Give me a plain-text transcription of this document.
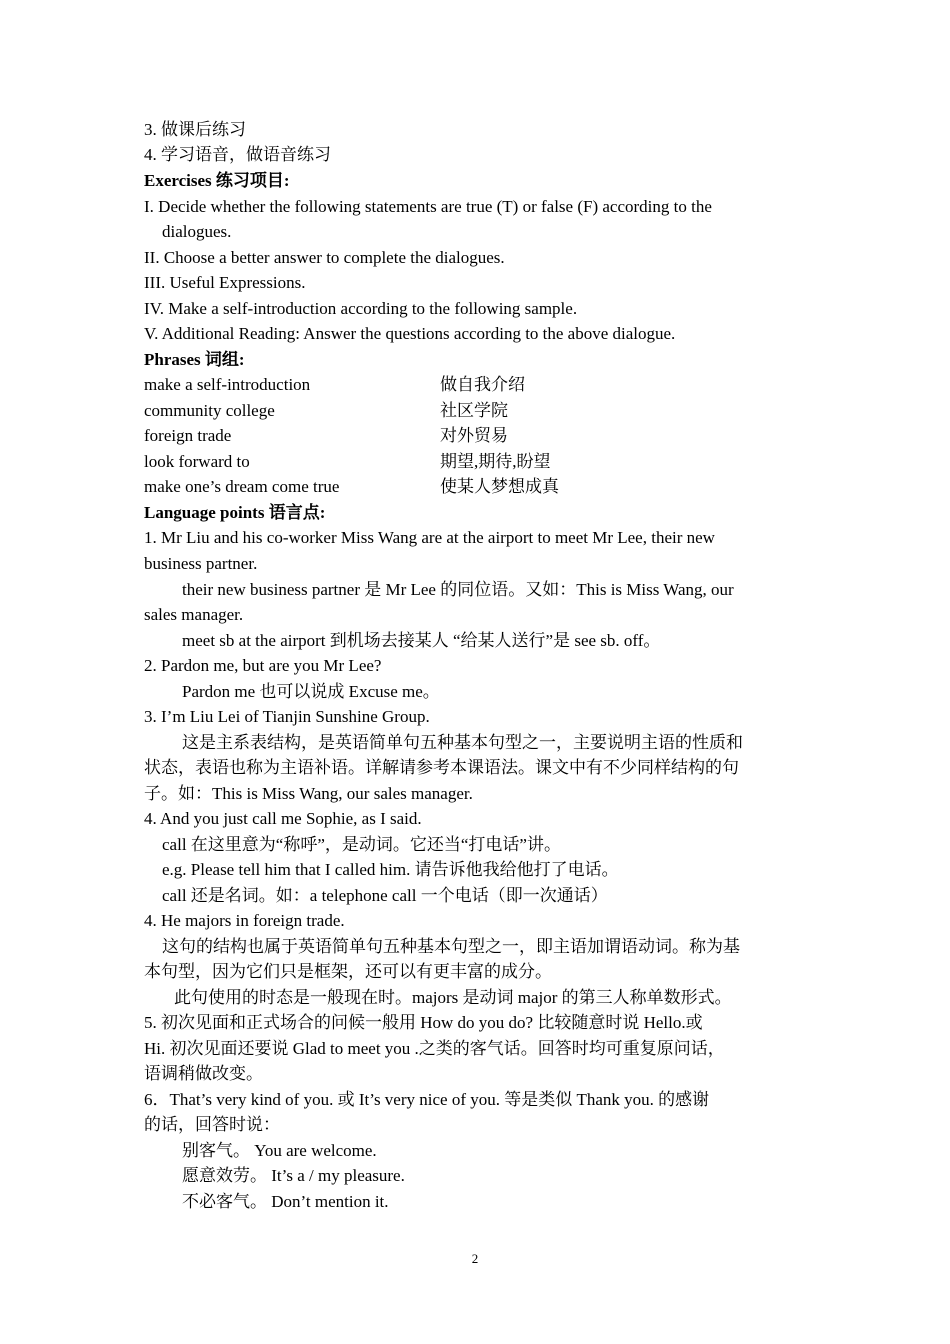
3. 做课后练习
4. 学习语音，做语音练习
Exercises 练习项目:
I. Decide whether the following statements are true (T) or false (F) according to the
dialogues.
II. Choose a better answer to complete the dialogues.
III. Useful Expressions.
IV. Make a self-introduction according to the following sample.
V. Additional Reading: Answer the questions according to the above dialogue.
Phrases 词组:
make a self-introduction	做自我介绍
community college	社区学院
foreign trade	对外贸易
look forward to	期望,期待,盼望
make one’s dream come true	使某人梦想成真
Language points 语言点:
1. Mr Liu and his co-worker Miss Wang are at the airport to meet Mr Lee, their new
business partner.
their new business partner 是 Mr Lee 的同位语。又如：This is Miss Wang, our
sales manager.
meet sb at the airport 到机场去接某人 “给某人送行”是 see sb. off。
2. Pardon me, but are you Mr Lee?
Pardon me 也可以说成 Excuse me。
3. I’m Liu Lei of Tianjin Sunshine Group.
这是主系表结构，是英语简单句五种基本句型之一，主要说明主语的性质和
状态，表语也称为主语补语。详解请参考本课语法。课文中有不少同样结构的句
子。如：This is Miss Wang, our sales manager.
4. And you just call me Sophie, as I said.
call 在这里意为“称呼”，是动词。它还当“打电话”讲。
e.g. Please tell him that I called him. 请告诉他我给他打了电话。
call 还是名词。如：a telephone call 一个电话（即一次通话）
4. He majors in foreign trade.
这句的结构也属于英语简单句五种基本句型之一，即主语加谓语动词。称为基
本句型，因为它们只是框架，还可以有更丰富的成分。
此句使用的时态是一般现在时。majors 是动词 major 的第三人称单数形式。
5. 初次见面和正式场合的问候一般用 How do you do? 比较随意时说 Hello.或
Hi. 初次见面还要说 Glad to meet you .之类的客气话。回答时均可重复原问话，
语调稍做改变。
6．That’s very kind of you. 或 It’s very nice of you. 等是类似 Thank you. 的感谢
的话，回答时说：
别客气。 You are welcome.
愿意效劳。 It’s a / my pleasure.
不必客气。 Don’t mention it.
2
